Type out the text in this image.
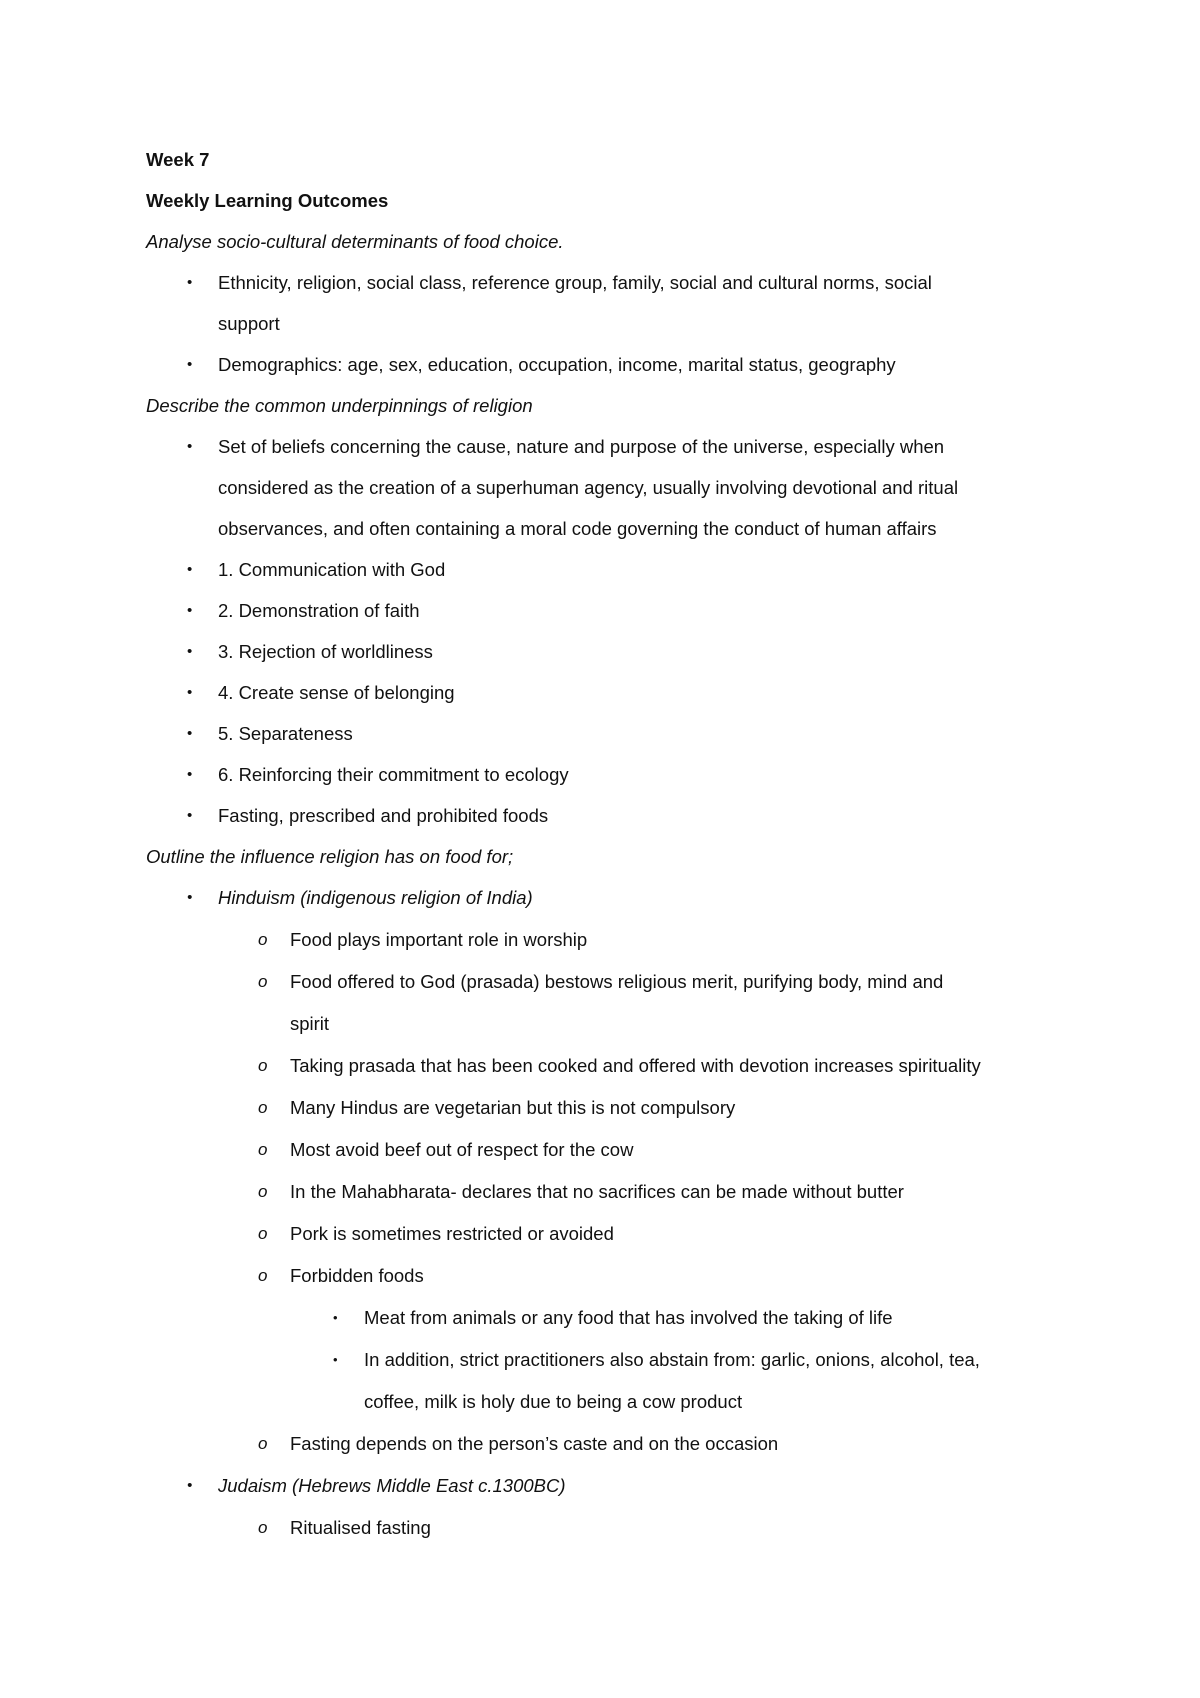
Week 7
Weekly Learning Outcomes
Analyse socio-cultural determinants of food choice.
• Ethnicity, religion, social class, reference group, family, social and cultural norms, social
support
• Demographics: age, sex, education, occupation, income, marital status, geography
Describe the common underpinnings of religion
• Set of beliefs concerning the cause, nature and purpose of the universe, especially when
considered as the creation of a superhuman agency, usually involving devotional and ritual
observances, and often containing a moral code governing the conduct of human affairs
• 1. Communication with God
• 2. Demonstration of faith
• 3. Rejection of worldliness
• 4. Create sense of belonging
• 5. Separateness
• 6. Reinforcing their commitment to ecology
• Fasting, prescribed and prohibited foods
Outline the influence religion has on food for;
• Hinduism (indigenous religion of India)
o Food plays important role in worship
o Food offered to God (prasada) bestows religious merit, purifying body, mind and
spirit
o Taking prasada that has been cooked and offered with devotion increases spirituality
o Many Hindus are vegetarian but this is not compulsory
o Most avoid beef out of respect for the cow
o In the Mahabharata- declares that no sacrifices can be made without butter
o Pork is sometimes restricted or avoided
o Forbidden foods
• Meat from animals or any food that has involved the taking of life
• In addition, strict practitioners also abstain from: garlic, onions, alcohol, tea,
coffee, milk is holy due to being a cow product
o Fasting depends on the person’s caste and on the occasion
• Judaism (Hebrews Middle East c.1300BC)
o Ritualised fasting
